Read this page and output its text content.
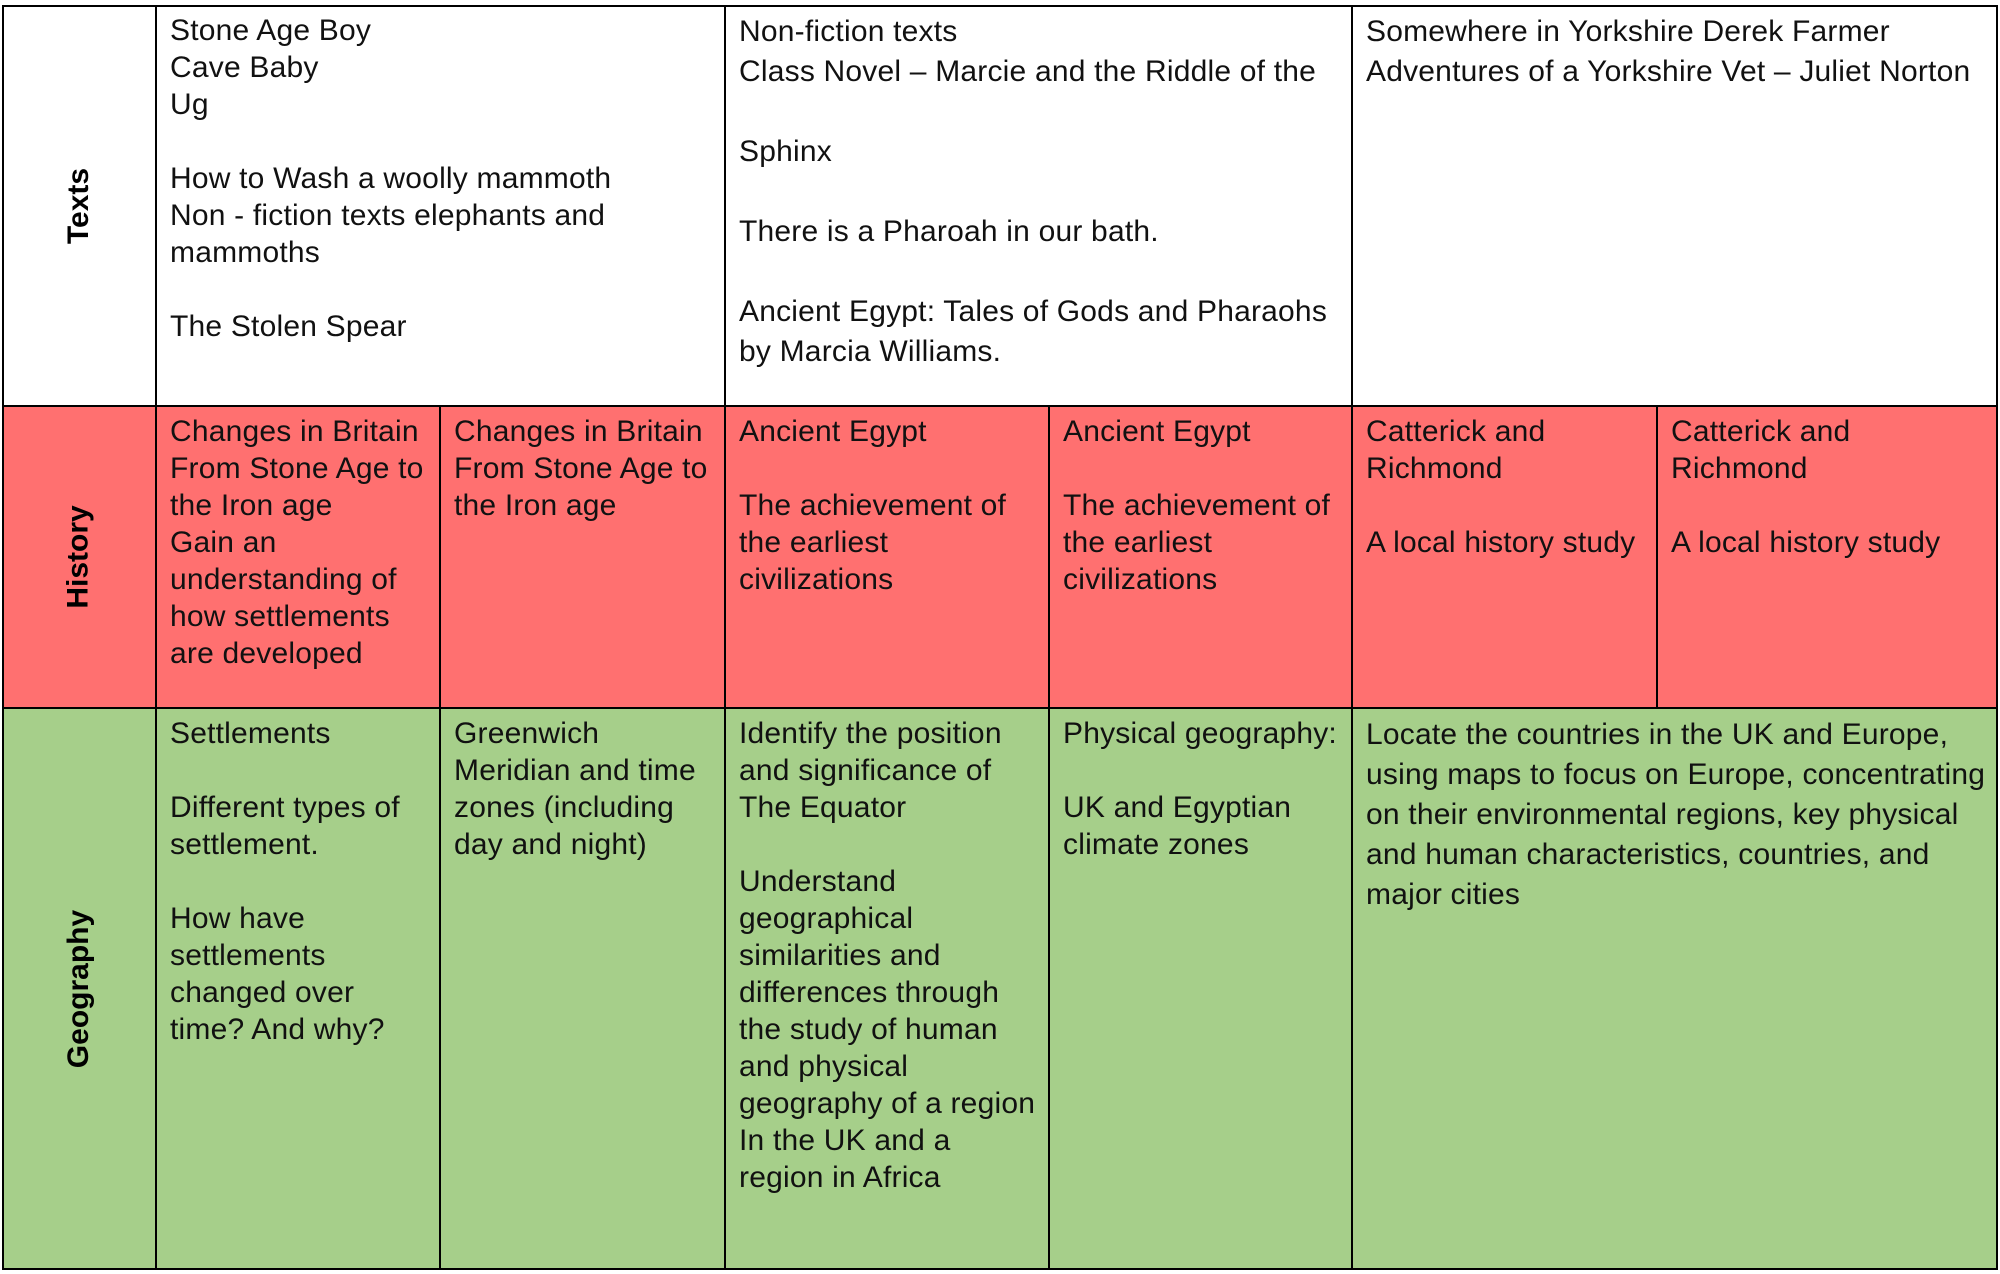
Texts
Stone Age Boy
Cave Baby
Ug

How to Wash a woolly mammoth
Non - fiction texts elephants and mammoths

The Stolen Spear
Non-fiction texts
Class Novel – Marcie and the Riddle of the

Sphinx

There is a Pharoah in our bath.

Ancient Egypt: Tales of Gods and Pharaohs by Marcia Williams.
Somewhere in Yorkshire Derek Farmer
Adventures of a Yorkshire Vet – Juliet Norton
History
Changes in Britain
From Stone Age to the Iron age
Gain an understanding of how settlements are developed
Changes in Britain
From Stone Age to the Iron age
Ancient Egypt

The achievement of the earliest civilizations
Ancient Egypt

The achievement of the earliest civilizations
Catterick and Richmond

A local history study
Catterick and Richmond

A local history study
Geography
Settlements

Different types of settlement.

How have settlements changed over time? And why?
Greenwich Meridian and time zones (including day and night)
Identify the position and significance of The Equator

Understand geographical similarities and differences through the study of human and physical geography of a region
In the UK and a region in Africa
Physical geography:

UK and Egyptian climate zones
Locate the countries in the UK and Europe, using maps to focus on Europe, concentrating on their environmental regions, key physical and human characteristics, countries, and major cities
